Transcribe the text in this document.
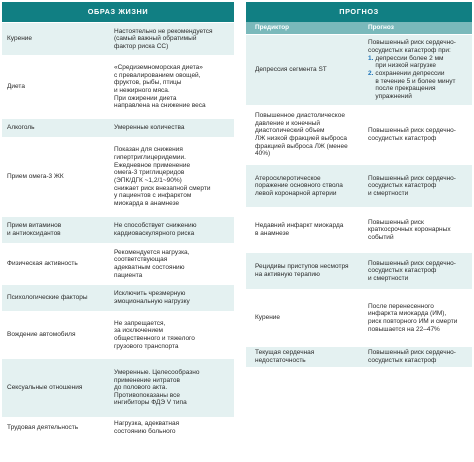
ОБРАЗ ЖИЗНИ
Курение
Настоятельно не рекомендуется
(самый важный обратимый
фактор риска СС)
Диета
«Средиземноморская диета»
с превалированием овощей,
фруктов, рыбы, птицы
и нежирного мяса.
При ожирении диета
направлена на снижение веса
Алкоголь	Умеренные количества
Прием омега-3 ЖК
Показан для снижения
гипертриглицеридемии.
Ежедневное применение
омега-3 триглицеридов
(ЭПК/ДГК ~1,2/1~90%)
снижает риск внезапной смерти
у пациентов с инфарктом
миокарда в анамнезе
Прием витаминов
и антиоксидантов
Не способствует снижению
кардиоваскулярного риска
Физическая активность
Рекомендуется нагрузка,
соответствующая
адекватным состоянию
пациента
Психологические факторы
Исключить чрезмерную
эмоциональную нагрузку
Вождение автомобиля
Не запрещается,
за исключением
общественного и тяжелого
грузового транспорта
Сексуальные отношения
Умеренные. Целесообразно
применение нитратов
до полового акта.
Противопоказаны все
ингибиторы ФДЭ V типа
Трудовая деятельность
Нагрузка, адекватная
состоянию больного
ПРОГНОЗ
Предиктор	Прогноз
Депрессия сегмента ST
Повышенный риск сердечно-
сосудистых катастроф при:
1. депрессии более 2 мм
при низкой нагрузке
2. сохранении депрессии
в течение 5 и более минут
после прекращения
упражнений
Повышенное диастолическое
давление и конечный
диастолический объем
ЛЖ низкой фракцией выброса
фракцией выброса ЛЖ (менее
40%)
Повышенный риск сердечно-
сосудистых катастроф
Атеросклеротическое
поражение основного ствола
левой коронарной артерии
Повышенный риск сердечно-
сосудистых катастроф
и смертности
Недавний инфаркт миокарда
в анамнезе
Повышенный риск
краткосрочных коронарных
событий
Рецидивы приступов несмотря
на активную терапию
Повышенный риск сердечно-
сосудистых катастроф
и смертности
Курение
После перенесенного
инфаркта миокарда (ИМ),
риск повторного ИМ и смерти
повышается на 22–47%
Текущая сердечная
недостаточность
Повышенный риск сердечно-
сосудистых катастроф
